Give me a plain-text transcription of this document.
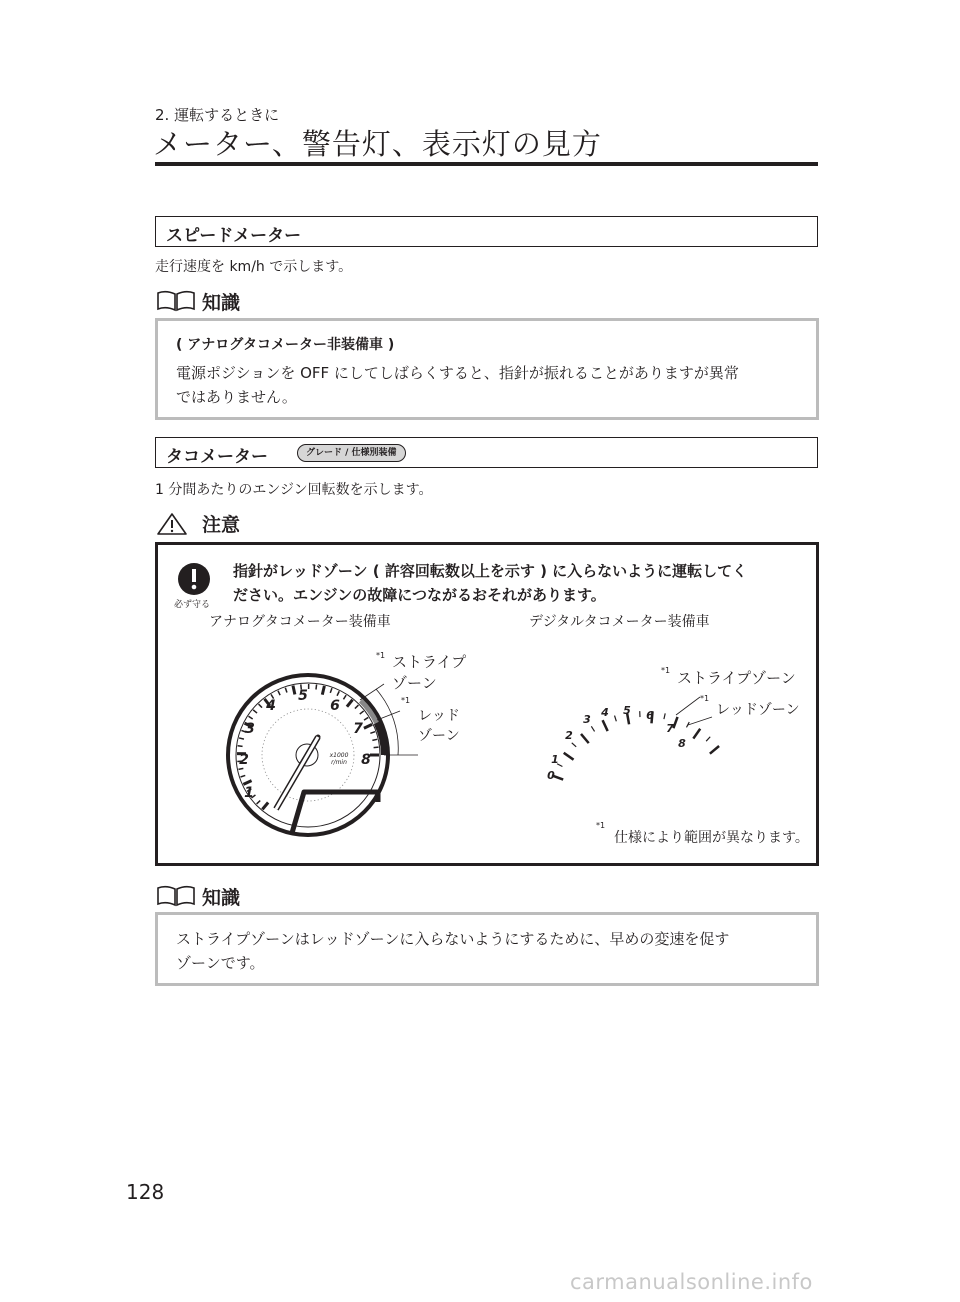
2. 運転するときに
メーター、警告灯、表示灯の見方
スピードメーター
走行速度を km/h で示します。
知識
( アナログタコメーター非装備車 )
電源ポジションを OFF にしてしばらくすると、指針が振れることがありますが異常
ではありません。
タコメーター	グレード / 仕様別装備
1 分間あたりのエンジン回転数を示します。
注意
必ず守る
指針がレッドゾーン ( 許容回転数以上を示す ) に入らないように運転してく
ださい。エンジンの故障につながるおそれがあります。
アナログタコメーター装備車	デジタルタコメーター装備車
1
2
3
4
5
6
7
8
x1000
r/min
*1 ストライプ
ゾーン
*1
レッド
ゾーン
0
1
2
3
4 5 6
7
8
*1 ストライプゾーン
*1
レッドゾーン
*1
仕様により範囲が異なります。
知識
ストライプゾーンはレッドゾーンに入らないようにするために、早めの変速を促す
ゾーンです。
128
carmanualsonline.info
